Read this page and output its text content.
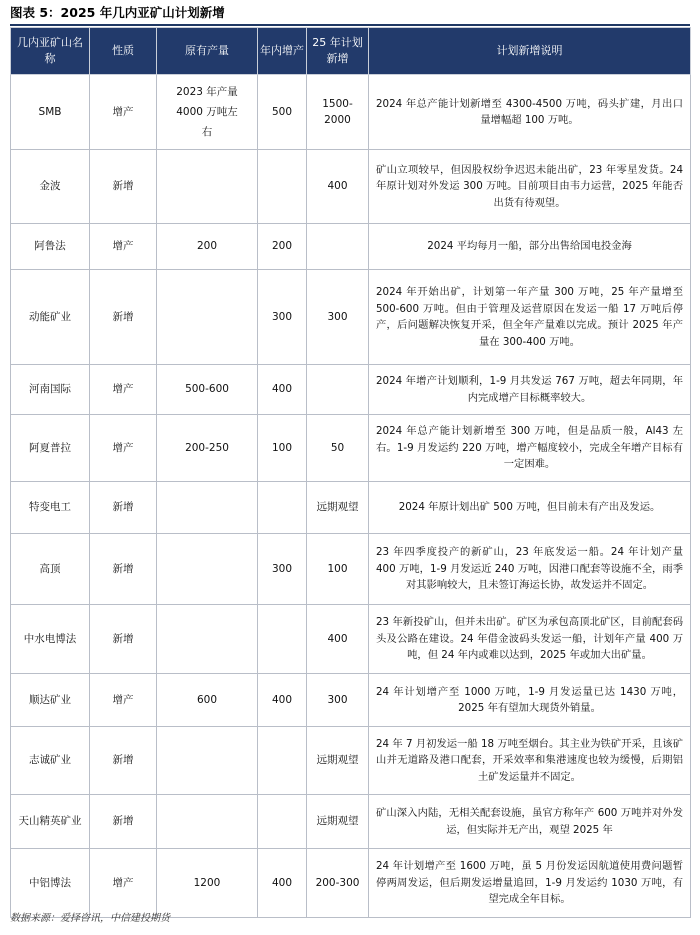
图表 5：2025 年几内亚矿山计划新增
几内亚矿山名称	性质	原有产量	年内增产	25 年计划新增	计划新增说明
SMB	增产	2023 年产量 4000 万吨左右	500	1500-2000	2024 年总产能计划新增至 4300-4500 万吨，码头扩建，月出口量增幅超 100 万吨。
金波	新增			400	矿山立项较早，但因股权纷争迟迟未能出矿，23 年零星发货。24 年原计划对外发运 300 万吨。目前项目由韦力运营，2025 年能否出货有待观望。
阿鲁法	增产	200	200		2024 平均每月一船，部分出售给国电投金海
动能矿业	新增		300	300	2024 年开始出矿，计划第一年产量 300 万吨，25 年产量增至 500-600 万吨。但由于管理及运营原因在发运一船 17 万吨后停产，后问题解决恢复开采，但全年产量难以完成。预计 2025 年产量在 300-400 万吨。
河南国际	增产	500-600	400		2024 年增产计划顺利，1-9 月共发运 767 万吨，超去年同期，年内完成增产目标概率较大。
阿夏普拉	增产	200-250	100	50	2024 年总产能计划新增至 300 万吨，但是品质一般，Al43 左右。1-9 月发运约 220 万吨，增产幅度较小，完成全年增产目标有一定困难。
特变电工	新增			远期观望	2024 年原计划出矿 500 万吨，但目前未有产出及发运。
高顶	新增		300	100	23 年四季度投产的新矿山，23 年底发运一船。24 年计划产量 400 万吨，1-9 月发运近 240 万吨，因港口配套等设施不全，雨季对其影响较大，且未签订海运长协，故发运并不固定。
中水电博法	新增			400	23 年新投矿山，但并未出矿。矿区为承包高顶北矿区，目前配套码头及公路在建设。24 年借金波码头发运一船，计划年产量 400 万吨，但 24 年内或难以达到，2025 年或加大出矿量。
顺达矿业	增产	600	400	300	24 年计划增产至 1000 万吨，1-9 月发运量已达 1430 万吨，2025 年有望加大现货外销量。
志诚矿业	新增			远期观望	24 年 7 月初发运一船 18 万吨至烟台。其主业为铁矿开采，且该矿山并无道路及港口配套，开采效率和集港速度也较为缓慢，后期铝土矿发运量并不固定。
天山精英矿业	新增			远期观望	矿山深入内陆，无相关配套设施，虽官方称年产 600 万吨并对外发运，但实际并无产出，观望 2025 年
中铝博法	增产	1200	400	200-300	24 年计划增产至 1600 万吨，虽 5 月份发运因航道使用费问题暂停两周发运，但后期发运增量追回，1-9 月发运约 1030 万吨，有望完成全年目标。
数据来源：爱择咨讯，中信建投期货
